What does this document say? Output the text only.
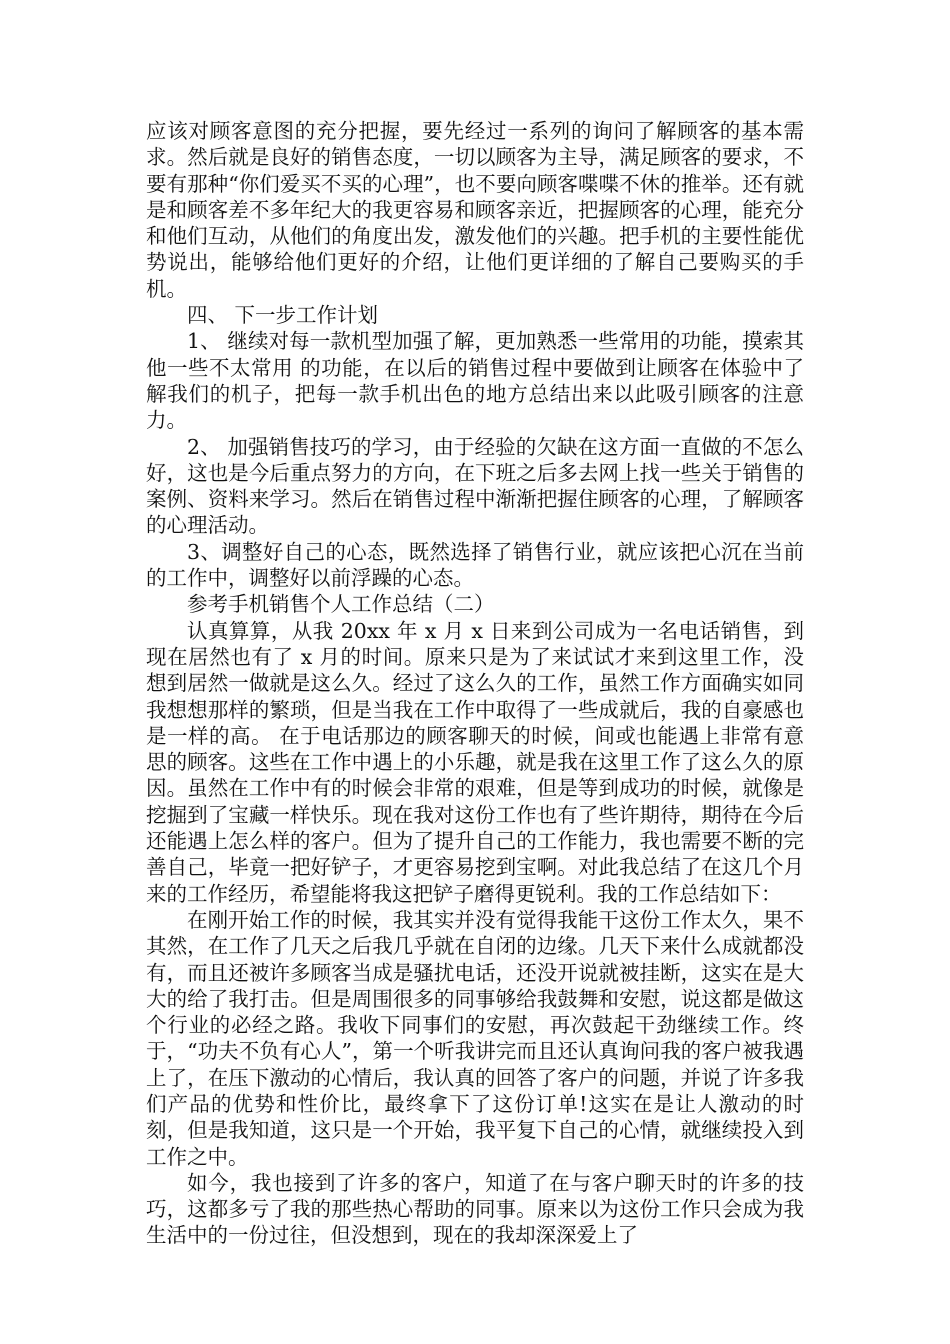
应该对顾客意图的充分把握，要先经过一系列的询问了解顾客的基本需求。然后就是良好的销售态度，一切以顾客为主导，满足顾客的要求，不要有那种“你们爱买不买的心理”，也不要向顾客喋喋不休的推举。还有就是和顾客差不多年纪大的我更容易和顾客亲近，把握顾客的心理，能充分和他们互动，从他们的角度出发，激发他们的兴趣。把手机的主要性能优势说出，能够给他们更好的介绍，让他们更详细的了解自己要购买的手机。

四、 下一步工作计划

1、 继续对每一款机型加强了解，更加熟悉一些常用的功能，摸索其他一些不太常用 的功能，在以后的销售过程中要做到让顾客在体验中了解我们的机子，把每一款手机出色的地方总结出来以此吸引顾客的注意力。

2、 加强销售技巧的学习，由于经验的欠缺在这方面一直做的不怎么好，这也是今后重点努力的方向，在下班之后多去网上找一些关于销售的案例、资料来学习。然后在销售过程中渐渐把握住顾客的心理，了解顾客的心理活动。

3、调整好自己的心态，既然选择了销售行业，就应该把心沉在当前的工作中，调整好以前浮躁的心态。

参考手机销售个人工作总结（二）

认真算算，从我 20xx 年 x 月 x 日来到公司成为一名电话销售，到现在居然也有了 x 月的时间。原来只是为了来试试才来到这里工作，没想到居然一做就是这么久。经过了这么久的工作，虽然工作方面确实如同我想想那样的繁琐，但是当我在工作中取得了一些成就后，我的自豪感也是一样的高。 在于电话那边的顾客聊天的时候，间或也能遇上非常有意思的顾客。这些在工作中遇上的小乐趣，就是我在这里工作了这么久的原因。虽然在工作中有的时候会非常的艰难，但是等到成功的时候，就像是挖掘到了宝藏一样快乐。现在我对这份工作也有了些许期待，期待在今后还能遇上怎么样的客户。但为了提升自己的工作能力，我也需要不断的完善自己，毕竟一把好铲子，才更容易挖到宝啊。对此我总结了在这几个月来的工作经历，希望能将我这把铲子磨得更锐利。我的工作总结如下：

在刚开始工作的时候，我其实并没有觉得我能干这份工作太久，果不其然，在工作了几天之后我几乎就在自闭的边缘。几天下来什么成就都没有，而且还被许多顾客当成是骚扰电话，还没开说就被挂断，这实在是大大的给了我打击。但是周围很多的同事够给我鼓舞和安慰，说这都是做这个行业的必经之路。我收下同事们的安慰，再次鼓起干劲继续工作。终于，“功夫不负有心人”，第一个听我讲完而且还认真询问我的客户被我遇上了，在压下激动的心情后，我认真的回答了客户的问题，并说了许多我们产品的优势和性价比，最终拿下了这份订单!这实在是让人激动的时刻，但是我知道，这只是一个开始，我平复下自己的心情，就继续投入到工作之中。

如今，我也接到了许多的客户，知道了在与客户聊天时的许多的技巧，这都多亏了我的那些热心帮助的同事。原来以为这份工作只会成为我生活中的一份过往，但没想到，现在的我却深深爱上了
